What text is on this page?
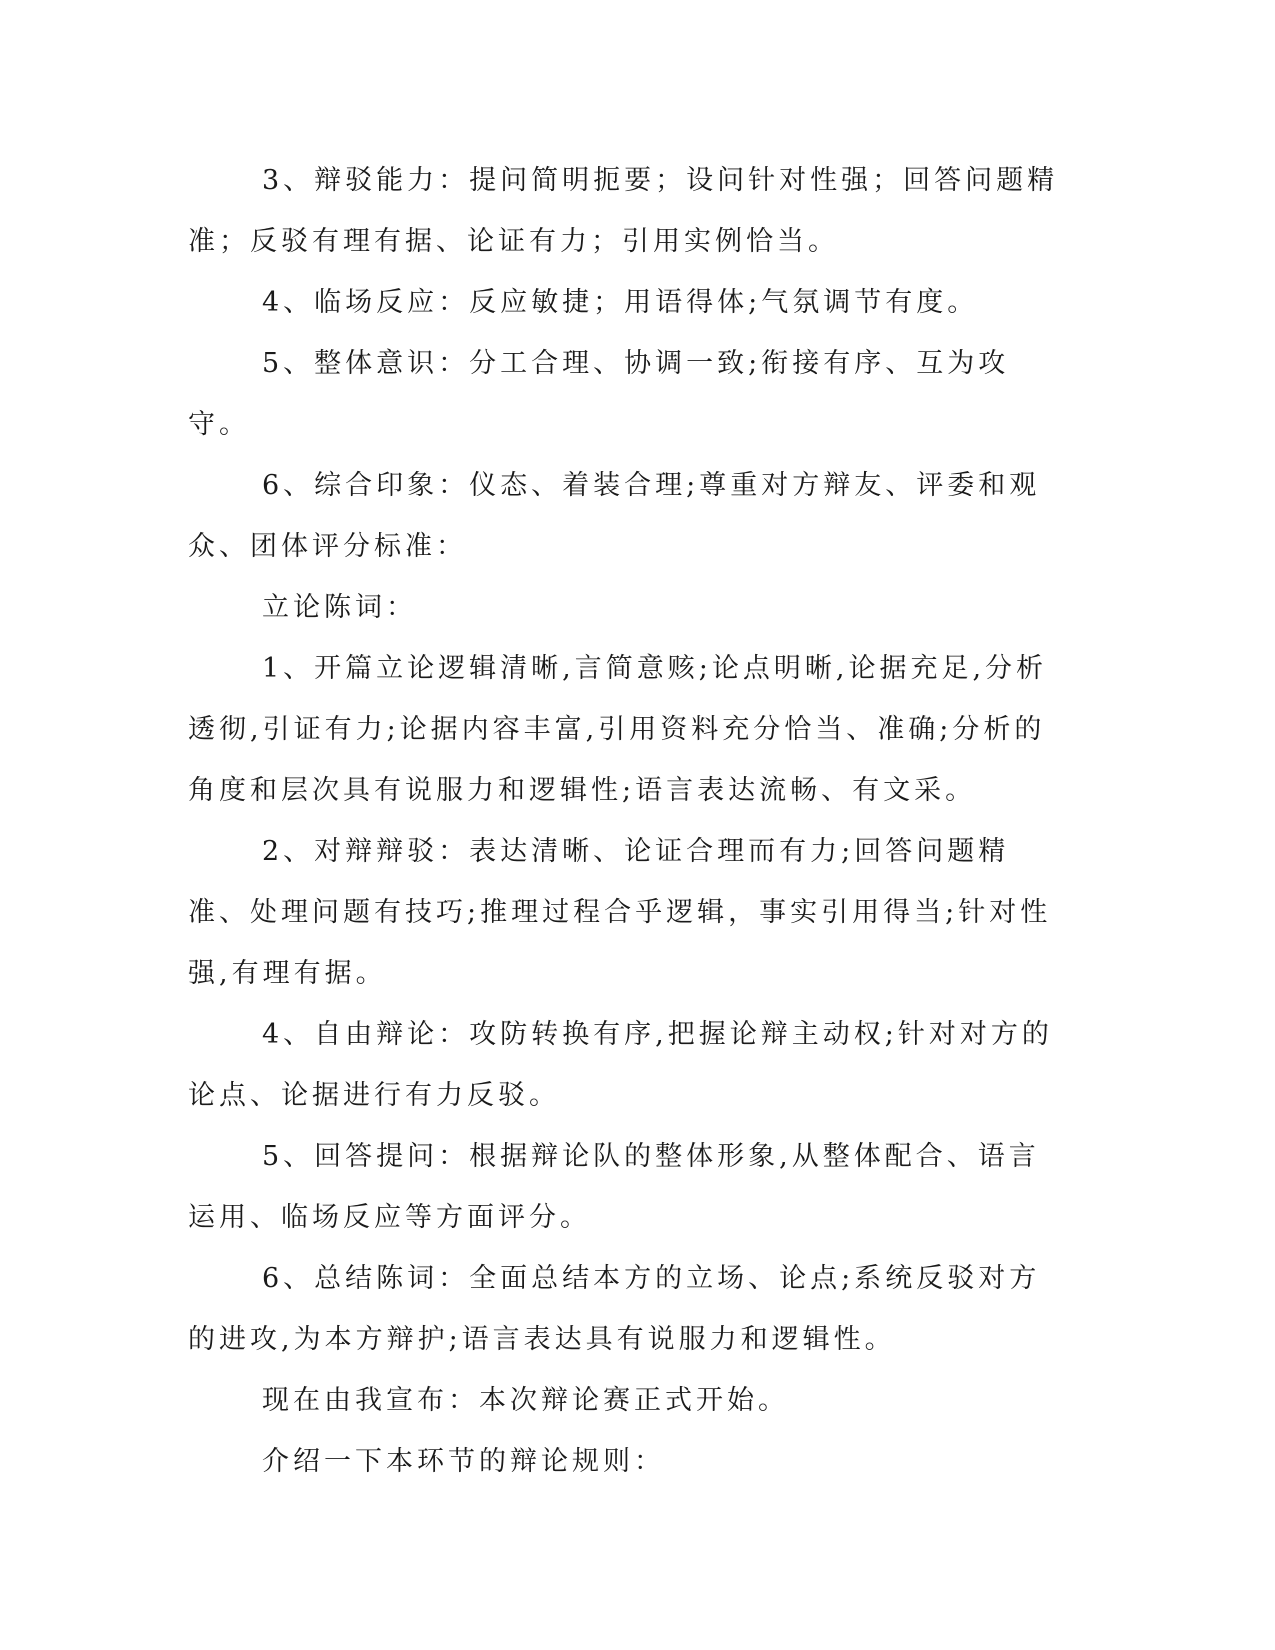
3、辩驳能力：提问简明扼要；设问针对性强；回答问题精准；反驳有理有据、论证有力；引用实例恰当。

4、临场反应：反应敏捷；用语得体;气氛调节有度。

5、整体意识：分工合理、协调一致;衔接有序、互为攻守。

6、综合印象：仪态、着装合理;尊重对方辩友、评委和观众、团体评分标准：

立论陈词：

1、开篇立论逻辑清晰,言简意赅;论点明晰,论据充足,分析透彻,引证有力;论据内容丰富,引用资料充分恰当、准确;分析的角度和层次具有说服力和逻辑性;语言表达流畅、有文采。

2、对辩辩驳：表达清晰、论证合理而有力;回答问题精准、处理问题有技巧;推理过程合乎逻辑，事实引用得当;针对性强,有理有据。

4、自由辩论：攻防转换有序,把握论辩主动权;针对对方的论点、论据进行有力反驳。

5、回答提问：根据辩论队的整体形象,从整体配合、语言运用、临场反应等方面评分。

6、总结陈词：全面总结本方的立场、论点;系统反驳对方的进攻,为本方辩护;语言表达具有说服力和逻辑性。

现在由我宣布：本次辩论赛正式开始。

介绍一下本环节的辩论规则：
